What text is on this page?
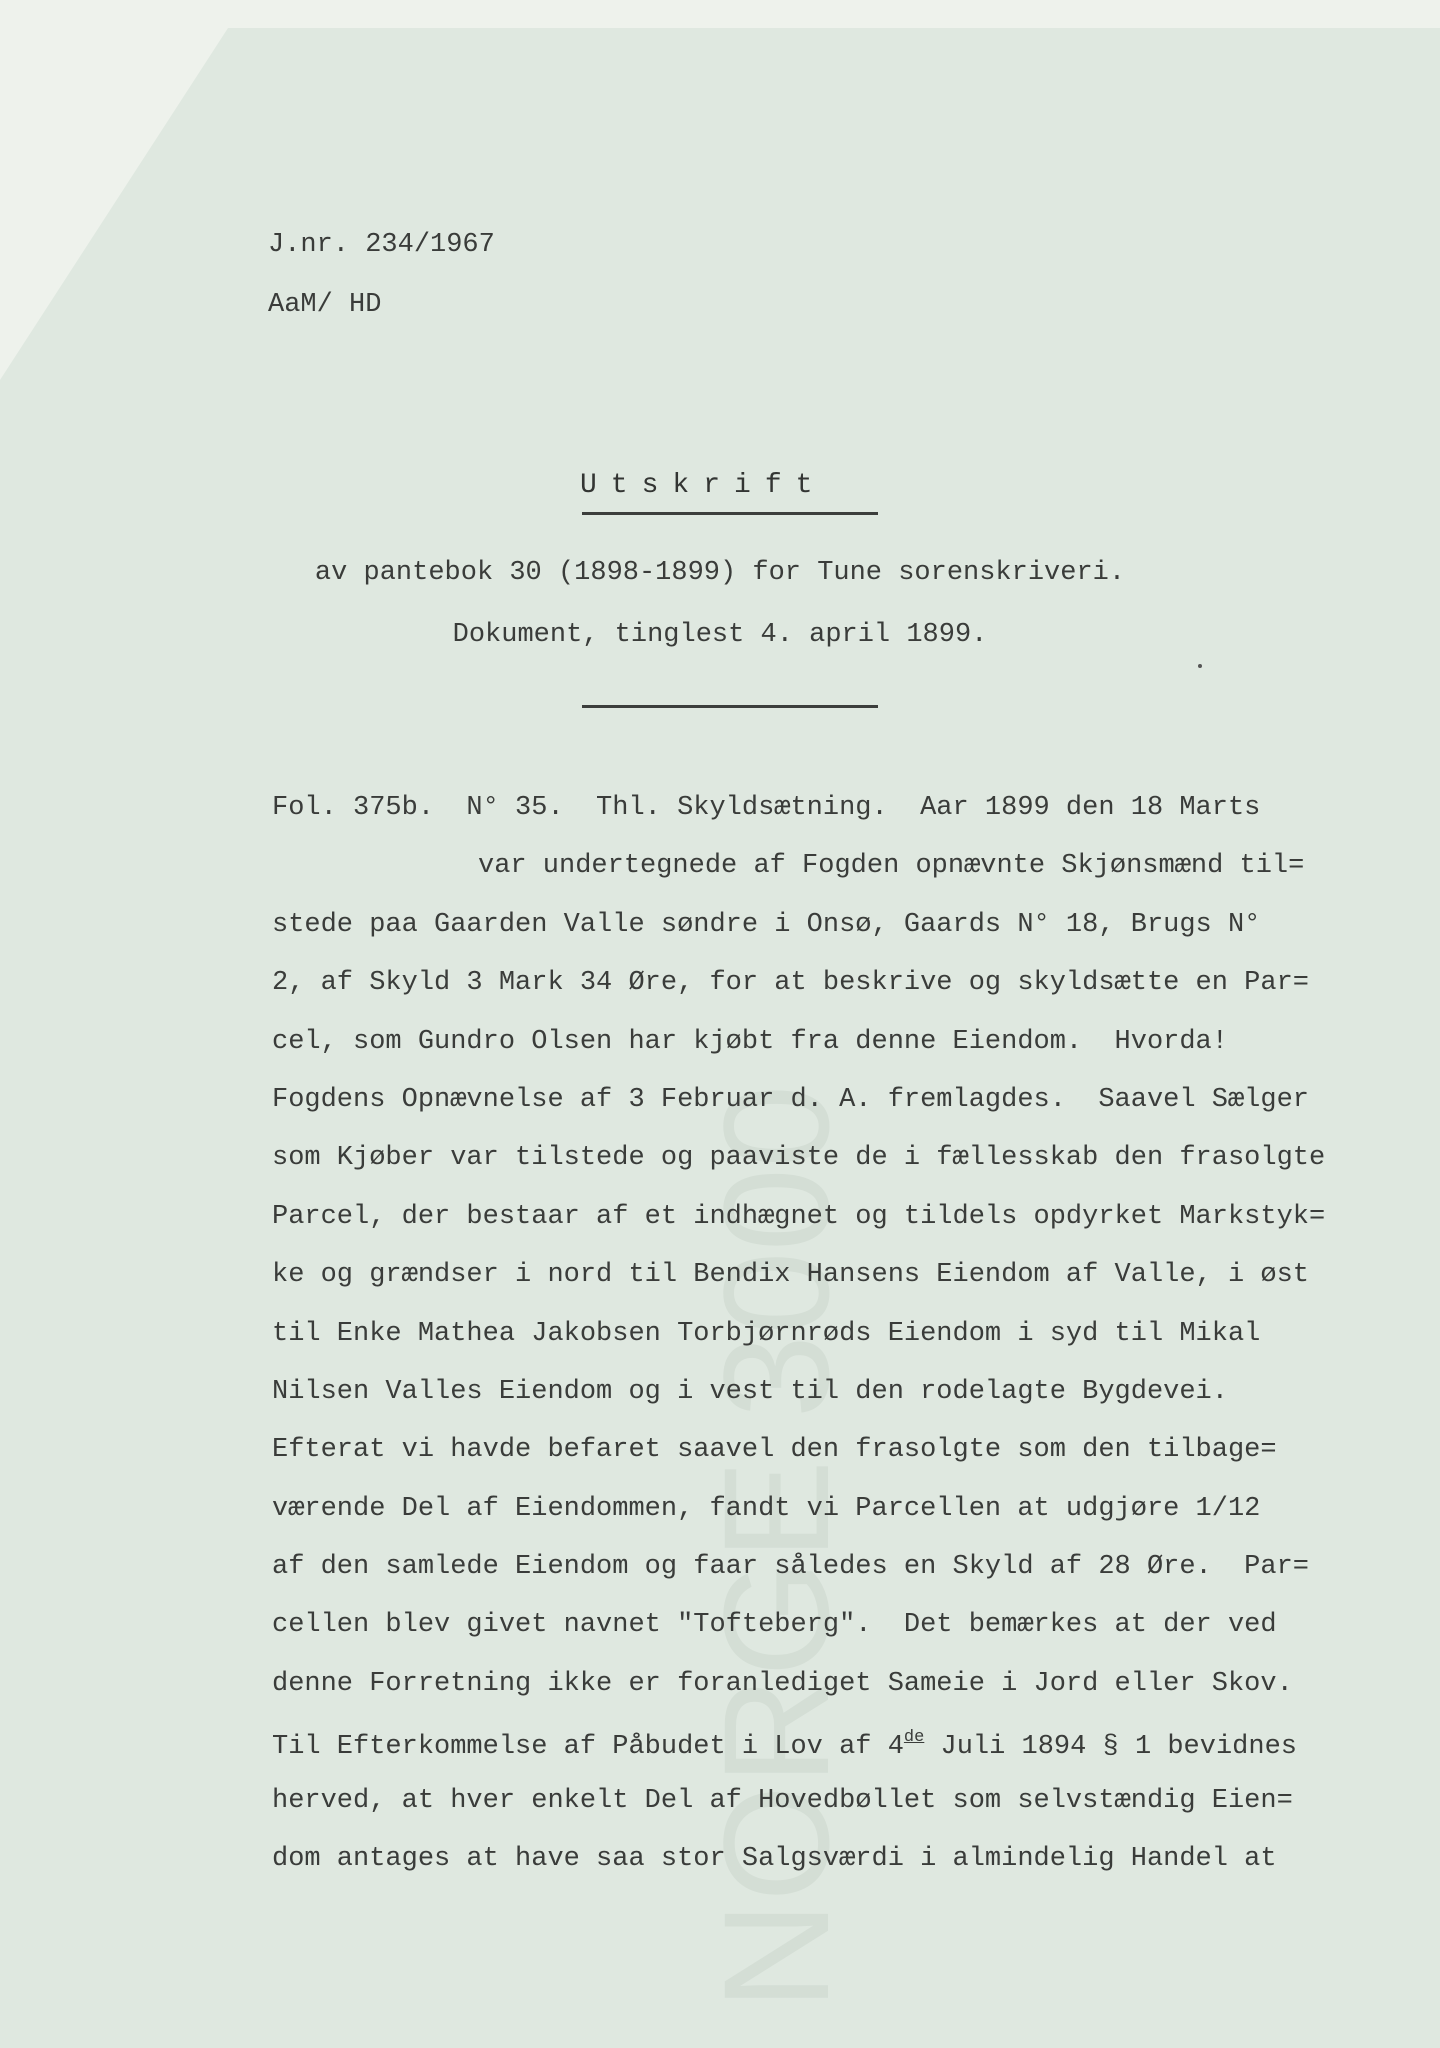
NORGE 3000
J.nr. 234/1967
AaM/ HD
Utskrift
av pantebok 30 (1898-1899) for Tune sorenskriveri.
Dokument, tinglest 4. april 1899.
Fol. 375b.  N° 35.  Thl. Skyldsætning.  Aar 1899 den 18 Marts
var undertegnede af Fogden opnævnte Skjønsmænd til=
stede paa Gaarden Valle søndre i Onsø, Gaards N° 18, Brugs N°
2, af Skyld 3 Mark 34 Øre, for at beskrive og skyldsætte en Par=
cel, som Gundro Olsen har kjøbt fra denne Eiendom.  Hvorda!
Fogdens Opnævnelse af 3 Februar d. A. fremlagdes.  Saavel Sælger
som Kjøber var tilstede og paaviste de i fællesskab den frasolgte
Parcel, der bestaar af et indhægnet og tildels opdyrket Markstyk=
ke og grændser i nord til Bendix Hansens Eiendom af Valle, i øst
til Enke Mathea Jakobsen Torbjørnrøds Eiendom i syd til Mikal
Nilsen Valles Eiendom og i vest til den rodelagte Bygdevei.
Efterat vi havde befaret saavel den frasolgte som den tilbage=
værende Del af Eiendommen, fandt vi Parcellen at udgjøre 1/12
af den samlede Eiendom og faar således en Skyld af 28 Øre.  Par=
cellen blev givet navnet "Tofteberg".  Det bemærkes at der ved
denne Forretning ikke er foranlediget Sameie i Jord eller Skov.
Til Efterkommelse af Påbudet i Lov af 4de Juli 1894 § 1 bevidnes
herved, at hver enkelt Del af Hovedbøllet som selvstændig Eien=
dom antages at have saa stor Salgsværdi i almindelig Handel at
